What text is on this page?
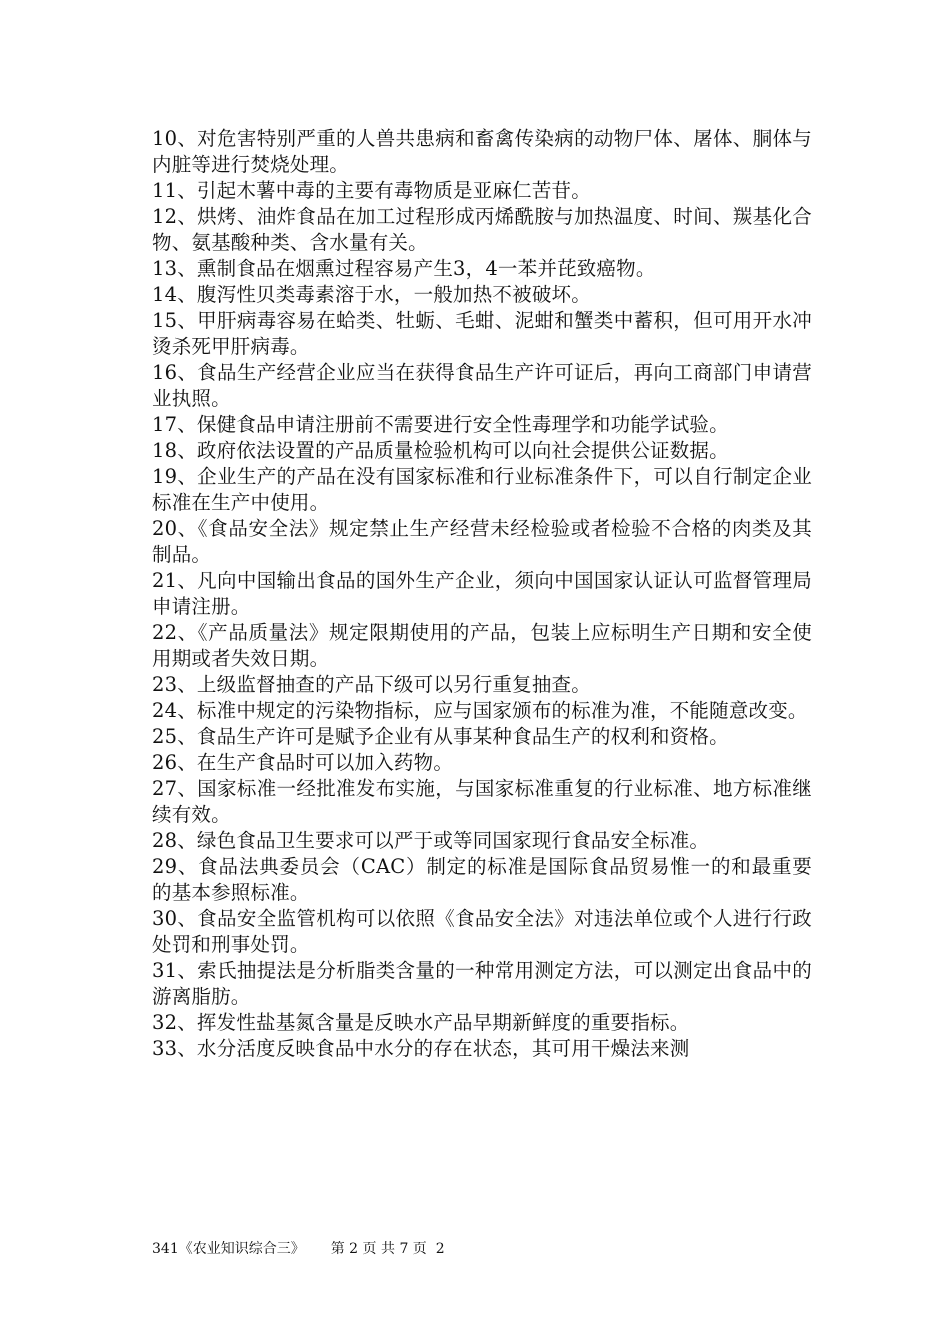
10、对危害特别严重的人兽共患病和畜禽传染病的动物尸体、屠体、胴体与内脏等进行焚烧处理。

11、引起木薯中毒的主要有毒物质是亚麻仁苦苷。

12、烘烤、油炸食品在加工过程形成丙烯酰胺与加热温度、时间、羰基化合物、氨基酸种类、含水量有关。

13、熏制食品在烟熏过程容易产生3，4一苯并芘致癌物。

14、腹泻性贝类毒素溶于水，一般加热不被破坏。

15、甲肝病毒容易在蛤类、牡蛎、毛蚶、泥蚶和蟹类中蓄积，但可用开水冲烫杀死甲肝病毒。

16、食品生产经营企业应当在获得食品生产许可证后，再向工商部门申请营业执照。

17、保健食品申请注册前不需要进行安全性毒理学和功能学试验。

18、政府依法设置的产品质量检验机构可以向社会提供公证数据。

19、企业生产的产品在没有国家标准和行业标准条件下，可以自行制定企业标准在生产中使用。

20、《食品安全法》规定禁止生产经营未经检验或者检验不合格的肉类及其制品。

21、凡向中国输出食品的国外生产企业，须向中国国家认证认可监督管理局申请注册。

22、《产品质量法》规定限期使用的产品，包装上应标明生产日期和安全使用期或者失效日期。

23、上级监督抽查的产品下级可以另行重复抽查。

24、标准中规定的污染物指标，应与国家颁布的标准为准，不能随意改变。

25、食品生产许可是赋予企业有从事某种食品生产的权利和资格。

26、在生产食品时可以加入药物。

27、国家标准一经批准发布实施，与国家标准重复的行业标准、地方标准继续有效。

28、绿色食品卫生要求可以严于或等同国家现行食品安全标准。

29、食品法典委员会（CAC）制定的标准是国际食品贸易惟一的和最重要的基本参照标准。

30、食品安全监管机构可以依照《食品安全法》对违法单位或个人进行行政处罚和刑事处罚。

31、索氏抽提法是分析脂类含量的一种常用测定方法，可以测定出食品中的游离脂肪。

32、挥发性盐基氮含量是反映水产品早期新鲜度的重要指标。

33、水分活度反映食品中水分的存在状态，其可用干燥法来测

341《农业知识综合三》 第 2 页 共 7 页  2
